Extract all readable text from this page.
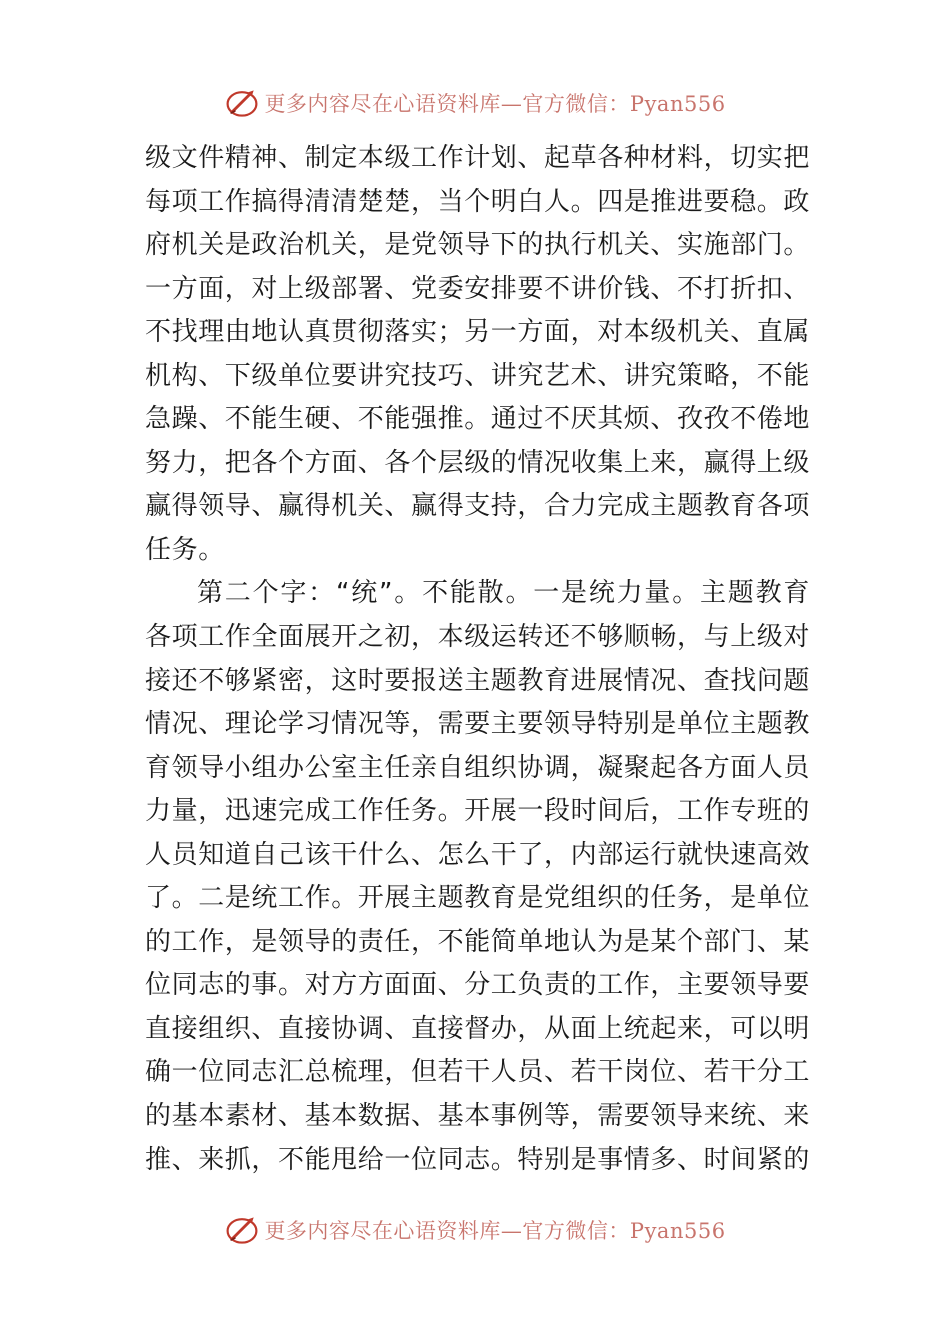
更多内容尽在心语资料库—官方微信：Pyan556

级文件精神、制定本级工作计划、起草各种材料，切实把每项工作搞得清清楚楚，当个明白人。四是推进要稳。政府机关是政治机关，是党领导下的执行机关、实施部门。一方面，对上级部署、党委安排要不讲价钱、不打折扣、不找理由地认真贯彻落实；另一方面，对本级机关、直属机构、下级单位要讲究技巧、讲究艺术、讲究策略，不能急躁、不能生硬、不能强推。通过不厌其烦、孜孜不倦地努力，把各个方面、各个层级的情况收集上来，赢得上级赢得领导、赢得机关、赢得支持，合力完成主题教育各项任务。

第二个字：“统”。不能散。一是统力量。主题教育各项工作全面展开之初，本级运转还不够顺畅，与上级对接还不够紧密，这时要报送主题教育进展情况、查找问题情况、理论学习情况等，需要主要领导特别是单位主题教育领导小组办公室主任亲自组织协调，凝聚起各方面人员力量，迅速完成工作任务。开展一段时间后，工作专班的人员知道自己该干什么、怎么干了，内部运行就快速高效了。二是统工作。开展主题教育是党组织的任务，是单位的工作，是领导的责任，不能简单地认为是某个部门、某位同志的事。对方方面面、分工负责的工作，主要领导要直接组织、直接协调、直接督办，从面上统起来，可以明确一位同志汇总梳理，但若干人员、若干岗位、若干分工的基本素材、基本数据、基本事例等，需要领导来统、来推、来抓，不能甩给一位同志。特别是事情多、时间紧的

更多内容尽在心语资料库—官方微信：Pyan556
